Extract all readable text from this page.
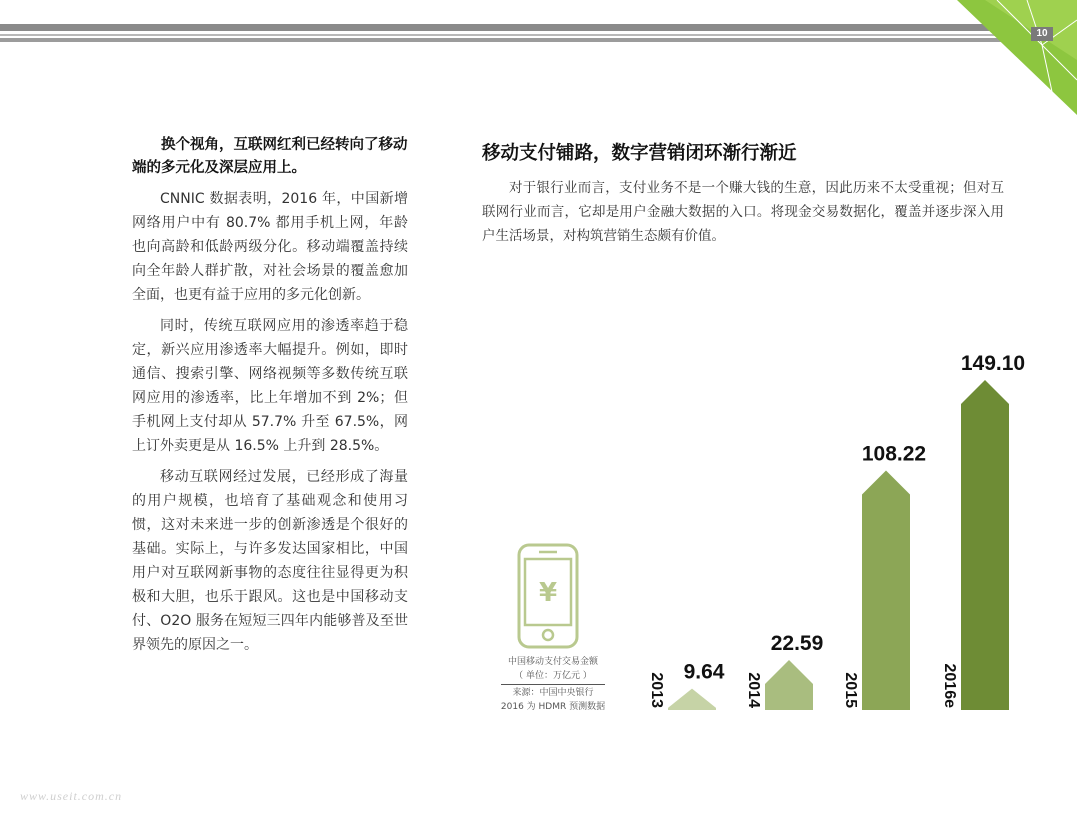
10

换个视角，互联网红利已经转向了移动端的多元化及深层应用上。

CNNIC 数据表明，2016 年，中国新增网络用户中有 80.7% 都用手机上网，年龄也向高龄和低龄两级分化。移动端覆盖持续向全年龄人群扩散，对社会场景的覆盖愈加全面，也更有益于应用的多元化创新。

同时，传统互联网应用的渗透率趋于稳定，新兴应用渗透率大幅提升。例如，即时通信、搜索引擎、网络视频等多数传统互联网应用的渗透率，比上年增加不到 2%；但手机网上支付却从 57.7% 升至 67.5%，网上订外卖更是从 16.5% 上升到 28.5%。

移动互联网经过发展，已经形成了海量的用户规模，也培育了基础观念和使用习惯，这对未来进一步的创新渗透是个很好的基础。实际上，与许多发达国家相比，中国用户对互联网新事物的态度往往显得更为积极和大胆，也乐于跟风。这也是中国移动支付、O2O 服务在短短三四年内能够普及至世界领先的原因之一。

移动支付铺路，数字营销闭环渐行渐近

对于银行业而言，支付业务不是一个赚大钱的生意，因此历来不太受重视；但对互联网行业而言，它却是用户金融大数据的入口。将现金交易数据化，覆盖并逐步深入用户生活场景，对构筑营销生态颇有价值。

¥
中国移动支付交易金额
（ 单位：万亿元 ）
来源：中国中央银行
2016 为 HDMR 预测数据
9.64
2013
22.59
2014
108.22
2015
149.10
2016e
www.useit.com.cn
